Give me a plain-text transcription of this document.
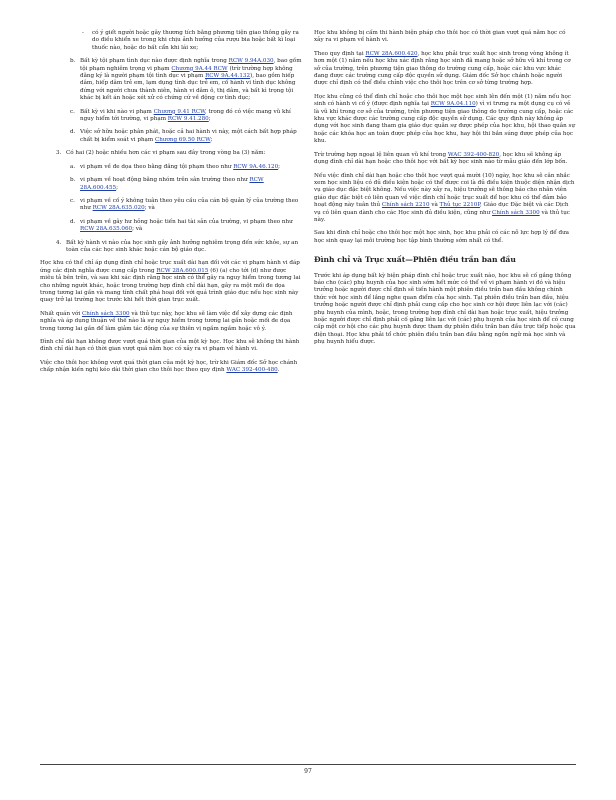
- có ý giết người hoặc gây thương tích bằng phương tiện giao thông gây ra do điều khiển xe trong khi chịu ảnh hưởng của rượu bia hoặc bất kì loại thuốc nào, hoặc do bất cẩn khi lái xe;
b. Bất kỳ tội phạm tình dục nào được định nghĩa trong RCW 9.94A.030, bao gồm tội phạm nghiêm trọng vi phạm Chương 9A.44 RCW (trừ trường hợp không đăng ký là người phạm tội tình dục vi phạm RCW 9A.44.132), bao gồm hiếp dâm, hiếp dâm trẻ em, lạm dụng tình dục trẻ em, cố hành vi tình dục không đứng với người chưa thành niên, hành vi dâm ô, thị dâm, và bất kì trọng tội khác bị kết án hoặc xét xử có chứng cứ về động cơ tình dục;
c. Bất kỳ vi khi nào vi phạm Chương 9.41 RCW, trong đó có việc mang vũ khí nguy hiểm tới trường, vi phạm RCW 9.41.280;
d. Việc sở hữu hoặc phân phát, hoặc cả hai hành vi này, một cách bất hợp pháp chất bị kiểm soát vi phạm Chương 69.50 RCW;
3. Có hai (2) hoặc nhiều hơn các vi phạm sau đây trong vòng ba (3) năm:
a. vi phạm về đe dọa theo bằng đăng tội phạm theo như RCW 9A.46.120;
b. vi phạm về hoạt động băng nhóm trên sân trường theo như RCW 28A.600.455;
c. vi phạm về cố ý không tuân theo yêu cầu của cán bộ quản lý của trường theo như RCW 28A.635.020; và
d. vi phạm về gây hư hỏng hoặc tiến hai tài sản của trường, vi phạm theo như RCW 28A.635.060; và
4. Bất kỳ hành vi nào của học sinh gây ảnh hưởng nghiêm trọng đến sức khỏe, sự an toàn của các học sinh khác hoặc cán bộ giáo dục.

Học khu có thể chỉ áp dụng đình chỉ hoặc trục xuất dài hạn đối với các vi phạm hành vi đáp ứng các định nghĩa được cung cấp trong RCW 28A.600.015 (6) (a) cho tới (d) như được miêu tả bên trên, và sau khi xác định rằng học sinh có thể gây ra nguy hiểm trong tương lai cho những người khác, hoặc trong trường hợp đình chỉ dài hạn, gây ra một mối đe dọa trong tương lai gần và mang tính chất phá hoại đối với quá trình giáo dục nếu học sinh này quay trở lại trường học trước khi hết thời gian trục xuất.

Nhất quán với Chính sách 3300 và thủ tục này, học khu sẽ làm việc để xây dựng các định nghĩa và áp dụng thuận về thế nào là sự nguy hiểm trong tương lai gần hoặc mối đe dọa trong tương lai gần để làm giảm tác động của sự thiên vị ngầm ngầm hoặc vô ý.

Đình chỉ dài hạn không được vượt quá thời gian của một kỳ học. Học khu sẽ không thi hành đình chỉ dài hạn có thời gian vượt quá năm học có xảy ra vi phạm về hành vi.

Việc cho thôi học không vượt quá thời gian của một kỳ học, trừ khi Giám đốc Sở học chánh chấp nhận kiến nghị kéo dài thời gian cho thôi học theo quy định WAC 392-400-480.

Học khu không bị cấm thi hành biện pháp cho thôi học có thời gian vượt quá năm học có xảy ra vi phạm về hành vi.

Theo quy định tại RCW 28A.600.420, học khu phải trục xuất học sinh trong vòng không ít hơn một (1) năm nếu học khu xác định rằng học sinh đã mang hoặc sở hữu vũ khí trong cơ sở của trường, trên phương tiện giao thông do trường cung cấp, hoặc các khu vực khác đang được các trường cung cấp độc quyền sử dụng. Giám đốc Sở học chánh hoặc người được chỉ định có thể điều chỉnh việc cho thôi học trên cơ sở từng trường hợp.

Học khu cũng có thể đình chỉ hoặc cho thôi học một học sinh lên đến một (1) năm nếu học sinh có hành vi cố ý (được định nghĩa tại RCW 9A.04.110) vì vi trưng ra một dụng cụ có vẻ là vũ khí trong cơ sở của trường, trên phương tiện giao thông do trường cung cấp, hoặc các khu vực khác được các trường cung cấp độc quyền sử dụng. Các quy định này không áp dụng với học sinh đang tham gia giáo dục quân sự được phép của học khu, hội thao quân sự hoặc các khóa học an toàn được phép của học khu, hay hội thi bắn súng được phép của học khu.

Trừ trường hợp ngoại lệ liên quan vũ khí trong WAC 392-400-820, học khu sẽ không áp dụng đình chỉ dài hạn hoặc cho thôi học với bất kỳ học sinh nào từ mẫu giáo đến lớp bốn.

Nếu việc đình chỉ dài hạn hoặc cho thôi học vượt quá mười (10) ngày, học khu sẽ cân nhắc xem học sinh liệu có đủ điều kiện hoặc có thể được coi là đủ điều kiện thuộc diện nhận dịch vụ giáo dục đặc biệt không. Nếu việc này xảy ra, hiệu trưởng sẽ thông báo cho nhân viên giáo dục đặc biệt có liên quan về việc đình chỉ hoặc trục xuất để học khu có thể đảm bảo hoạt động này tuân thủ Chính sách 2210 và Thủ tục 2210P, Giáo dục Đặc biệt và các Dịch vụ có liên quan dành cho các Học sinh đủ điều kiện, cũng như Chính sách 3300 và thủ tục này.

Sau khi đình chỉ hoặc cho thôi học một học sinh, học khu phải có các nỗ lực hợp lý để đưa học sinh quay lại môi trường học tập bình thường sớm nhất có thể.

Đình chỉ và Trục xuất—Phiên điều trần ban đầu

Trước khi áp dụng bất kỳ biện pháp đình chỉ hoặc trục xuất nào, học khu sẽ cố gắng thông báo cho (các) phụ huynh của học sinh sớm hết mức có thể về vi phạm hành vi đó và hiệu trưởng hoặc người được chỉ định sẽ tiến hành một phiên điều trần ban đầu không chính thức với học sinh để lắng nghe quan điểm của học sinh. Tại phiên điều trần ban đầu, hiệu trưởng hoặc người được chỉ định phải cung cấp cho học sinh cơ hội được liên lạc với (các) phụ huynh của mình, hoặc, trong trường hợp đình chỉ dài hạn hoặc trục xuất, hiệu trưởng hoặc người được chỉ định phải cố gắng liên lạc với (các) phụ huynh của học sinh để có cung cấp một cơ hội cho các phụ huynh được tham dự phiên điều trần ban đầu trực tiếp hoặc qua điện thoại. Học khu phải tổ chức phiên điều trần ban đầu bằng ngôn ngữ mà học sinh và phụ huynh hiểu được.

97
